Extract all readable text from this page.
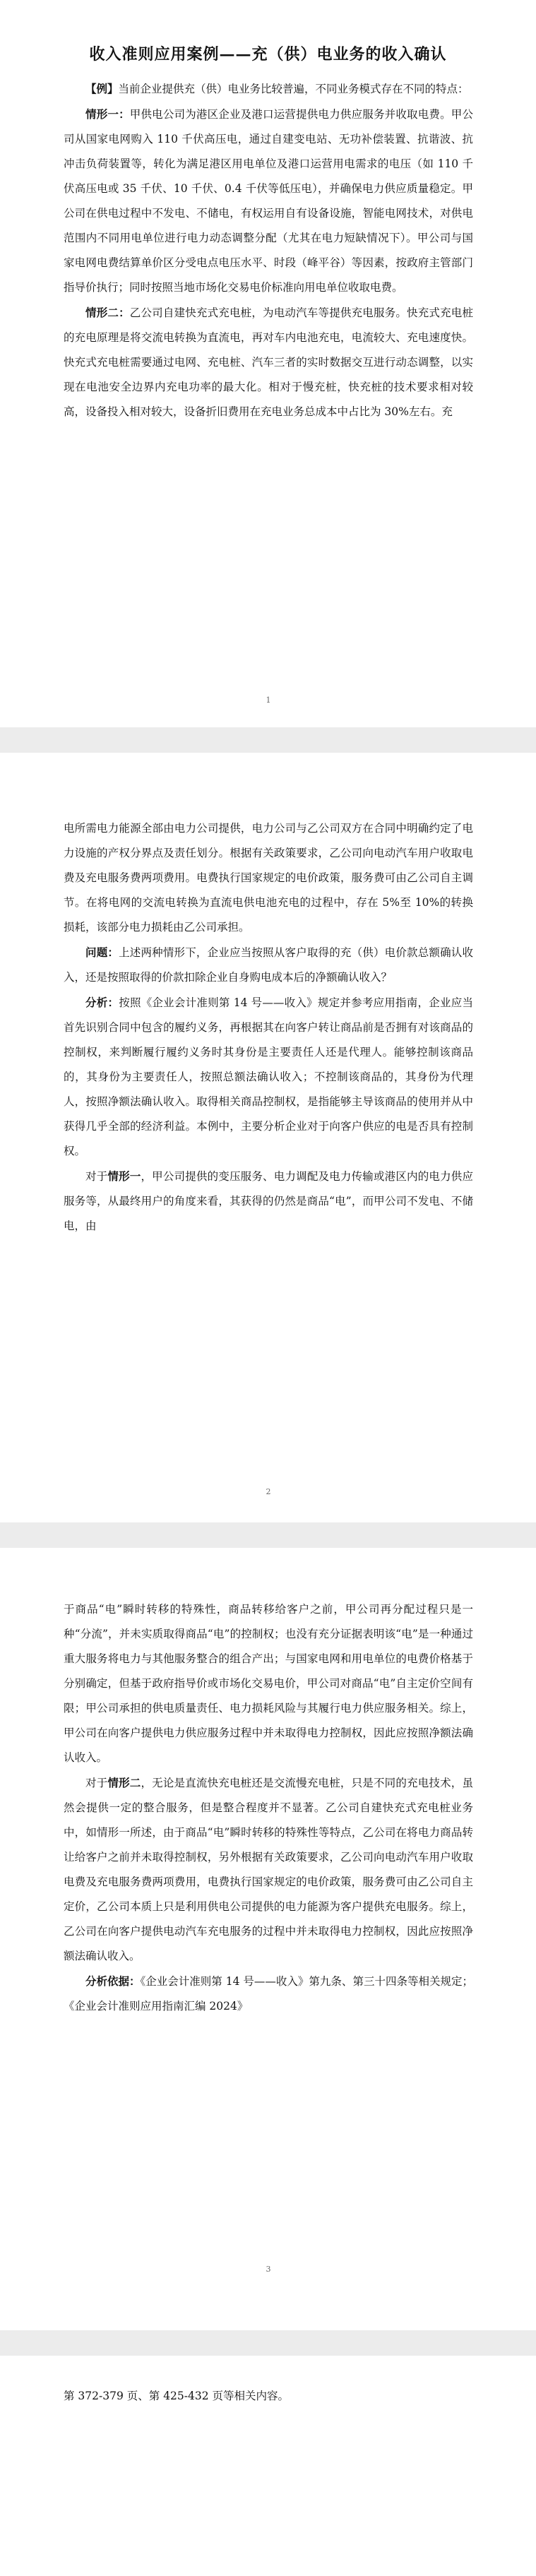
收入准则应用案例——充（供）电业务的收入确认

【例】当前企业提供充（供）电业务比较普遍，不同业务模式存在不同的特点：

情形一：甲供电公司为港区企业及港口运营提供电力供应服务并收取电费。甲公司从国家电网购入 110 千伏高压电，通过自建变电站、无功补偿装置、抗谐波、抗冲击负荷装置等，转化为满足港区用电单位及港口运营用电需求的电压（如 110 千伏高压电或 35 千伏、10 千伏、0.4 千伏等低压电），并确保电力供应质量稳定。甲公司在供电过程中不发电、不储电，有权运用自有设备设施，智能电网技术，对供电范围内不同用电单位进行电力动态调整分配（尤其在电力短缺情况下）。甲公司与国家电网电费结算单价区分受电点电压水平、时段（峰平谷）等因素，按政府主管部门指导价执行；同时按照当地市场化交易电价标准向用电单位收取电费。

情形二：乙公司自建快充式充电桩，为电动汽车等提供充电服务。快充式充电桩的充电原理是将交流电转换为直流电，再对车内电池充电，电流较大、充电速度快。快充式充电桩需要通过电网、充电桩、汽车三者的实时数据交互进行动态调整，以实现在电池安全边界内充电功率的最大化。相对于慢充桩，快充桩的技术要求相对较高，设备投入相对较大，设备折旧费用在充电业务总成本中占比为 30%左右。充

1

电所需电力能源全部由电力公司提供，电力公司与乙公司双方在合同中明确约定了电力设施的产权分界点及责任划分。根据有关政策要求，乙公司向电动汽车用户收取电费及充电服务费两项费用。电费执行国家规定的电价政策，服务费可由乙公司自主调节。在将电网的交流电转换为直流电供电池充电的过程中，存在 5%至 10%的转换损耗，该部分电力损耗由乙公司承担。

问题：上述两种情形下，企业应当按照从客户取得的充（供）电价款总额确认收入，还是按照取得的价款扣除企业自身购电成本后的净额确认收入？

分析：按照《企业会计准则第 14 号——收入》规定并参考应用指南，企业应当首先识别合同中包含的履约义务，再根据其在向客户转让商品前是否拥有对该商品的控制权，来判断履行履约义务时其身份是主要责任人还是代理人。能够控制该商品的，其身份为主要责任人，按照总额法确认收入；不控制该商品的，其身份为代理人，按照净额法确认收入。取得相关商品控制权，是指能够主导该商品的使用并从中获得几乎全部的经济利益。本例中，主要分析企业对于向客户供应的电是否具有控制权。

对于情形一，甲公司提供的变压服务、电力调配及电力传输或港区内的电力供应服务等，从最终用户的角度来看，其获得的仍然是商品“电”，而甲公司不发电、不储电，由

2

于商品“电”瞬时转移的特殊性，商品转移给客户之前，甲公司再分配过程只是一种“分流”，并未实质取得商品“电”的控制权；也没有充分证据表明该“电”是一种通过重大服务将电力与其他服务整合的组合产出；与国家电网和用电单位的电费价格基于分别确定，但基于政府指导价或市场化交易电价，甲公司对商品“电”自主定价空间有限；甲公司承担的供电质量责任、电力损耗风险与其履行电力供应服务相关。综上，甲公司在向客户提供电力供应服务过程中并未取得电力控制权，因此应按照净额法确认收入。

对于情形二，无论是直流快充电桩还是交流慢充电桩，只是不同的充电技术，虽然会提供一定的整合服务，但是整合程度并不显著。乙公司自建快充式充电桩业务中，如情形一所述，由于商品“电”瞬时转移的特殊性等特点，乙公司在将电力商品转让给客户之前并未取得控制权，另外根据有关政策要求，乙公司向电动汽车用户收取电费及充电服务费两项费用，电费执行国家规定的电价政策，服务费可由乙公司自主定价，乙公司本质上只是利用供电公司提供的电力能源为客户提供充电服务。综上，乙公司在向客户提供电动汽车充电服务的过程中并未取得电力控制权，因此应按照净额法确认收入。

分析依据：《企业会计准则第 14 号——收入》第九条、第三十四条等相关规定；《企业会计准则应用指南汇编 2024》

3

第 372-379 页、第 425-432 页等相关内容。
